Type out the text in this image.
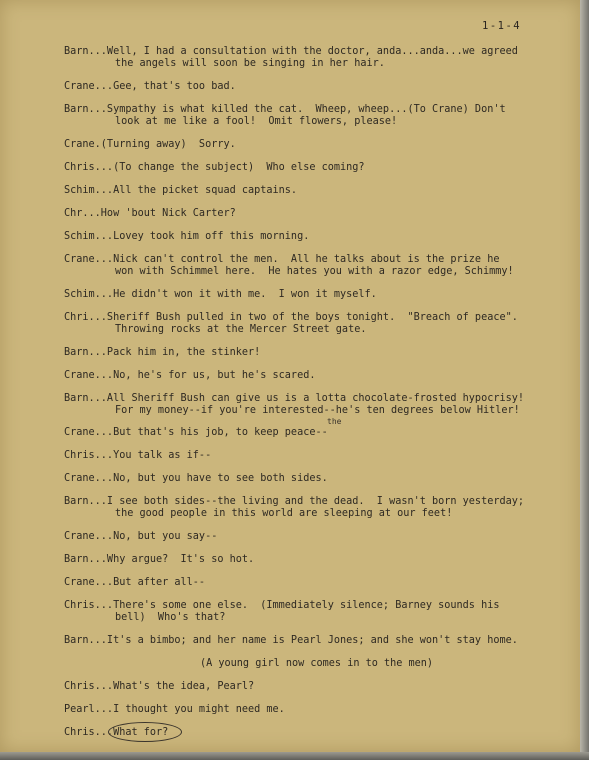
1-1-4
Barn...Well, I had a consultation with the doctor, anda...anda...we agreed
the angels will soon be singing in her hair.
Crane...Gee, that's too bad.
Barn...Sympathy is what killed the cat.  Wheep, wheep...(To Crane) Don't
look at me like a fool!  Omit flowers, please!
Crane.(Turning away)  Sorry.
Chris...(To change the subject)  Who else coming?
Schim...All the picket squad captains.
Chr...How 'bout Nick Carter?
Schim...Lovey took him off this morning.
Crane...Nick can't control the men.  All he talks about is the prize he
won with Schimmel here.  He hates you with a razor edge, Schimmy!
Schim...He didn't won it with me.  I won it myself.
Chri...Sheriff Bush pulled in two of the boys tonight.  "Breach of peace".
Throwing rocks at the Mercer Street gate.
Barn...Pack him in, the stinker!
Crane...No, he's for us, but he's scared.
Barn...All Sheriff Bush can give us is a lotta chocolate-frosted hypocrisy!
For my money--if you're interested--he's ten degrees below Hitler!
Crane...But that's his job, to keep peace--
the
Chris...You talk as if--
Crane...No, but you have to see both sides.
Barn...I see both sides--the living and the dead.  I wasn't born yesterday;
the good people in this world are sleeping at our feet!
Crane...No, but you say--
Barn...Why argue?  It's so hot.
Crane...But after all--
Chris...There's some one else.  (Immediately silence; Barney sounds his
bell)  Who's that?
Barn...It's a bimbo; and her name is Pearl Jones; and she won't stay home.
(A young girl now comes in to the men)
Chris...What's the idea, Pearl?
Pearl...I thought you might need me.
Chris...What for?
